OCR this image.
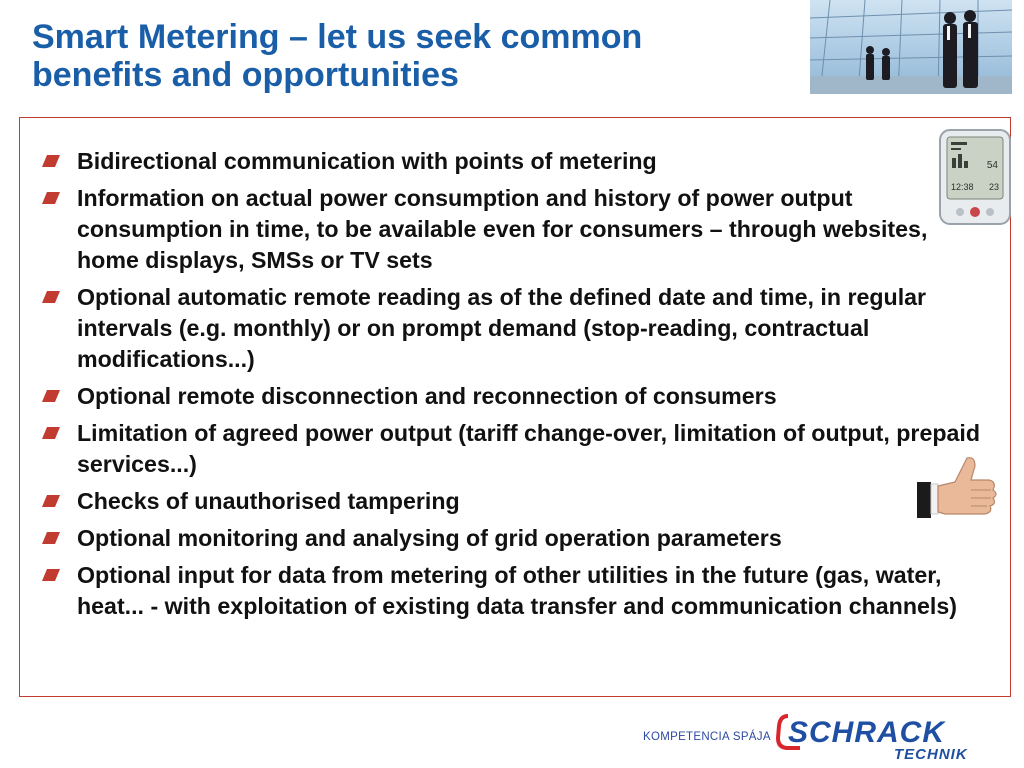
Smart Metering – let us seek common
benefits and opportunities
Bidirectional communication with points of metering
Information on actual power consumption and history of power output consumption in time, to be available even for consumers – through websites, home displays, SMSs or TV sets
Optional automatic remote reading as of the defined date and time, in regular intervals (e.g. monthly) or on prompt demand (stop-reading, contractual modifications...)
Optional remote disconnection and reconnection of consumers
Limitation of agreed power output (tariff change-over, limitation of output, prepaid services...)
Checks of unauthorised tampering
Optional monitoring and analysing of grid operation parameters
Optional input for data from metering of other utilities in the future (gas, water, heat... - with exploitation of existing data transfer and communication channels)
54
12:38 23
KOMPETENCIA SPÁJA SCHRACK
TECHNIK
